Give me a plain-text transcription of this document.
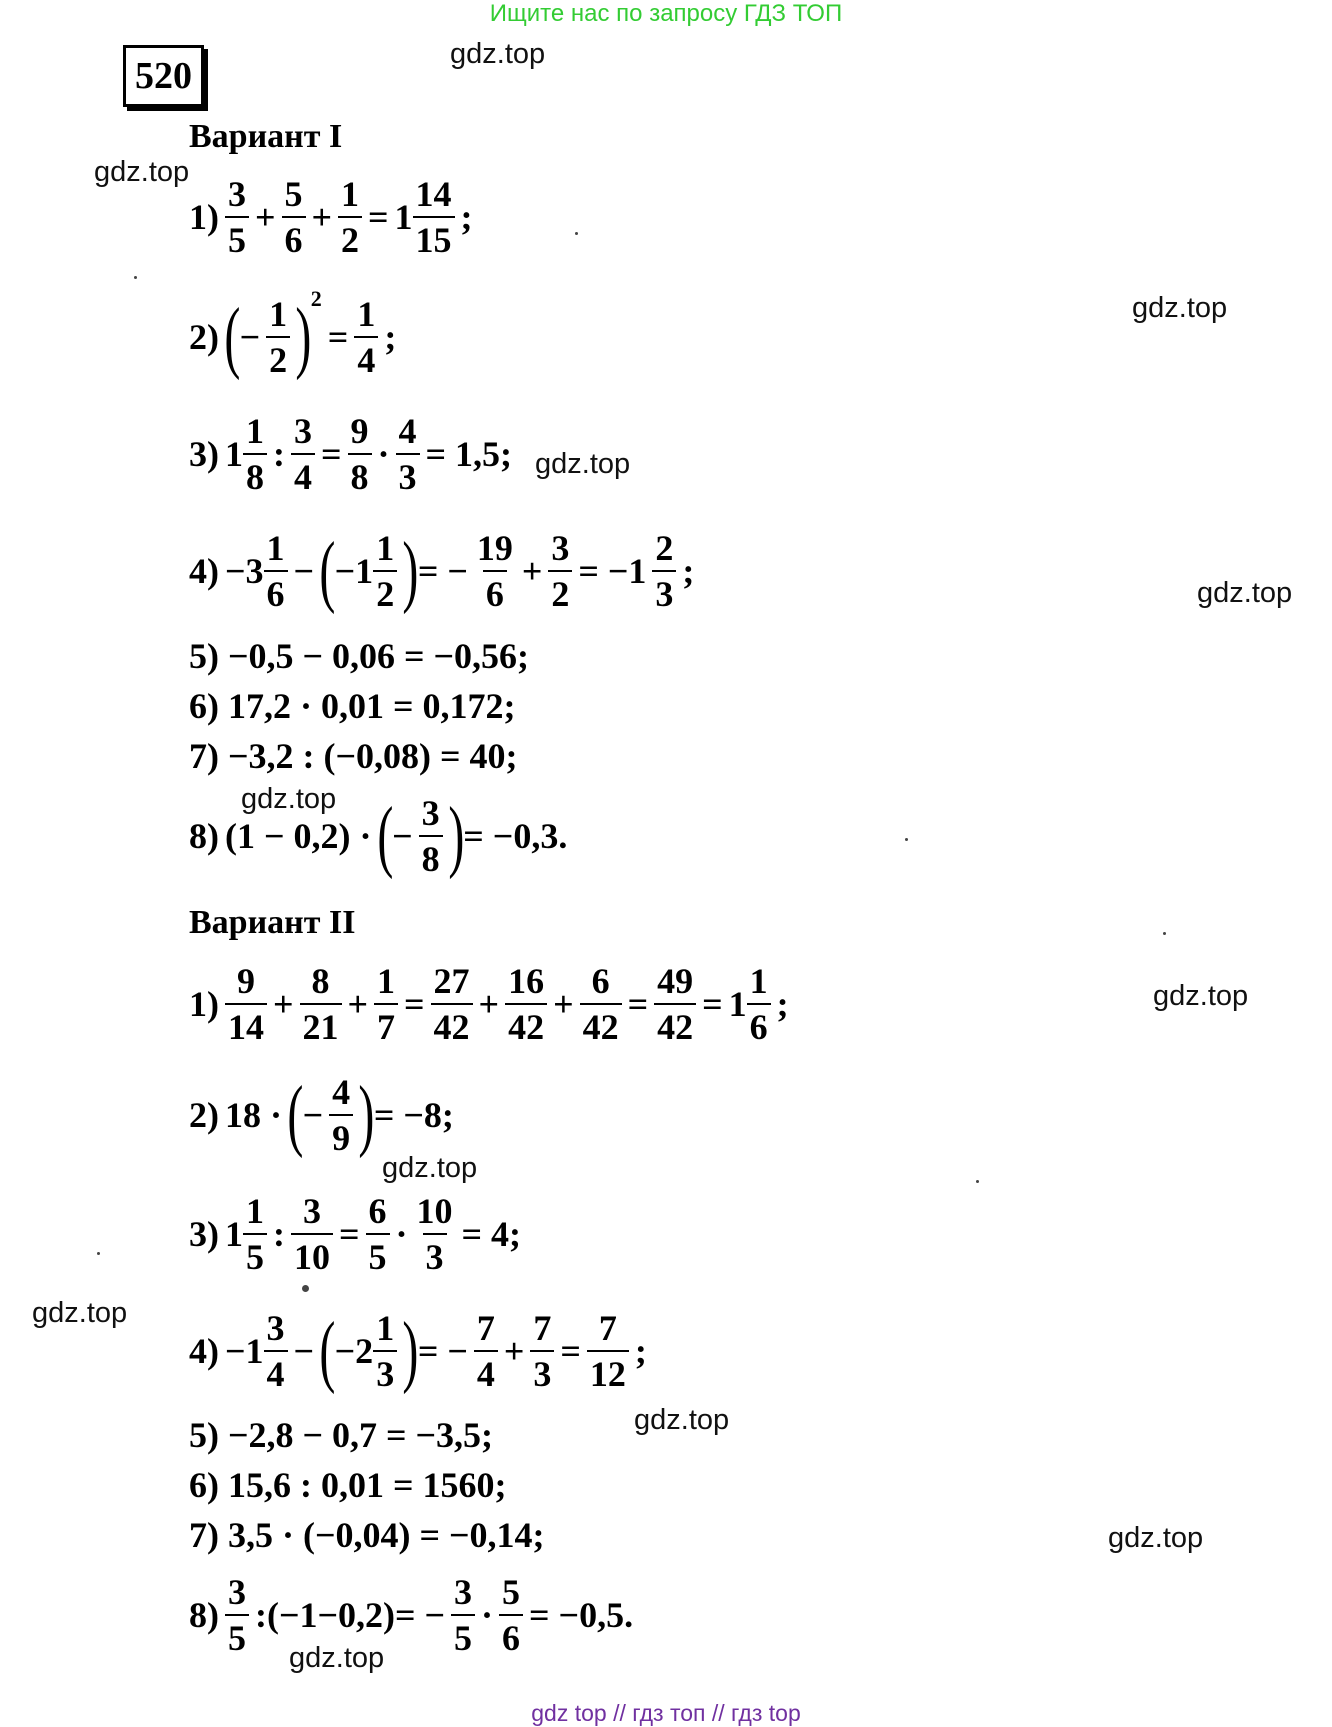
Ищите нас по запросу ГДЗ ТОП
520
gdz.top
gdz.top
gdz.top
gdz.top
gdz.top
gdz.top
gdz.top
gdz.top
gdz.top
gdz.top
gdz.top
gdz.top
Вариант I
$1) \frac{3}{5} + \frac{5}{6} + \frac{1}{2} = 1 \frac{14}{15}$ ;
2) ( − $\frac{1}{2}$ ) 2
= $\frac{1}{4}$ ;
3) $1 \frac{1}{8}$ : $\frac{3}{4} = \frac{9}{8} \cdot \frac{4}{3} = 1,5$;
$4) -3 \frac{1}{6}$ − ( $-1 \frac{1}{2}$ ) = − $\frac{19}{6} + \frac{3}{2} = -1 \frac{2}{3}$ ;
5) −0,5 − 0,06 = −0,56;
6) 17,2 · 0,01 = 0,172;
7) −3,2 : (−0,08) = 40;
8) (1 − 0,2) · ( − $\frac{3}{8}$ ) = −0,3.
Вариант II
$1) \frac{9}{14} + \frac{8}{21} + \frac{1}{7} = \frac{27}{42} + \frac{16}{42} + \frac{6}{42} = \frac{49}{42} = 1 \frac{1}{6}$ ;
2) 18 · ( − $\frac{4}{9}$ ) = −8;
3) $1 \frac{1}{5}$ : $\frac{3}{10} = \frac{6}{5} \cdot \frac{10}{3} = 4$;
$4) -1 \frac{3}{4}$ − ( $-2 \frac{1}{3}$ ) = − $\frac{7}{4} + \frac{7}{3} = \frac{7}{12}$ ;
5) −2,8 − 0,7 = −3,5;
6) 15,6 : 0,01 = 1560;
7) 3,5 · (−0,04) = −0,14;
$8) \frac{3}{5}$ :(−1−0,2)= − $\frac{3}{5} \cdot \frac{5}{6} = -0,5$.
gdz top // гдз топ // гдз top
